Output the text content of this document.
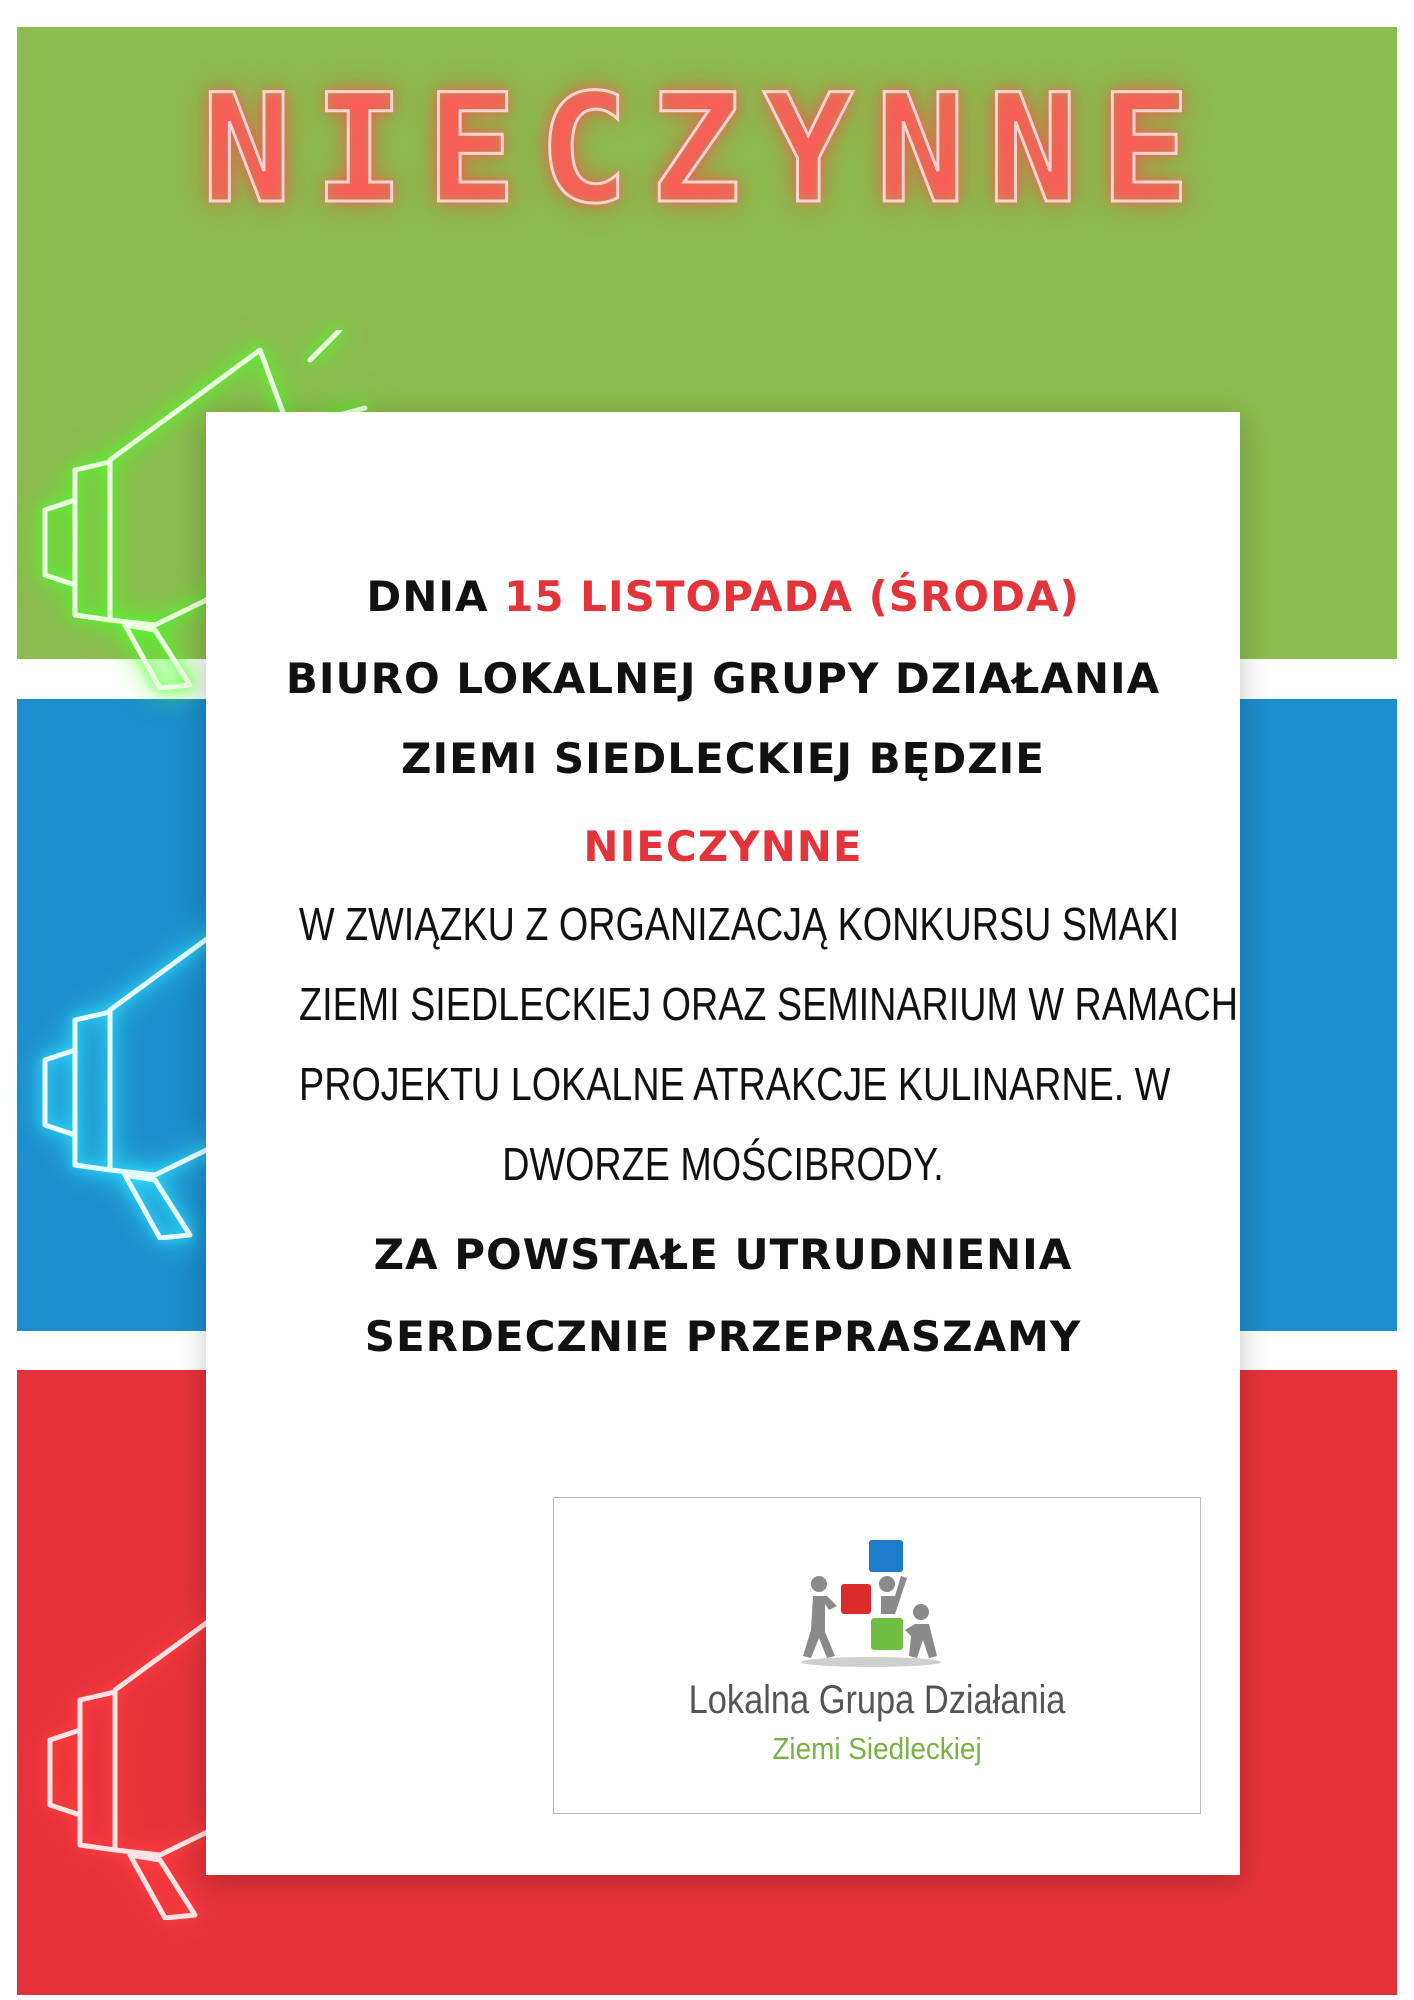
NIECZYNNE
DNIA 15 LISTOPADA (ŚRODA)
BIURO LOKALNEJ GRUPY DZIAŁANIA
ZIEMI SIEDLECKIEJ BĘDZIE
NIECZYNNE
W ZWIĄZKU Z ORGANIZACJĄ KONKURSU SMAKI
ZIEMI SIEDLECKIEJ ORAZ SEMINARIUM W RAMACH
PROJEKTU LOKALNE ATRAKCJE KULINARNE. W
DWORZE MOŚCIBRODY.
ZA POWSTAŁE UTRUDNIENIA
SERDECZNIE PRZEPRASZAMY
Lokalna Grupa Działania
Ziemi Siedleckiej
